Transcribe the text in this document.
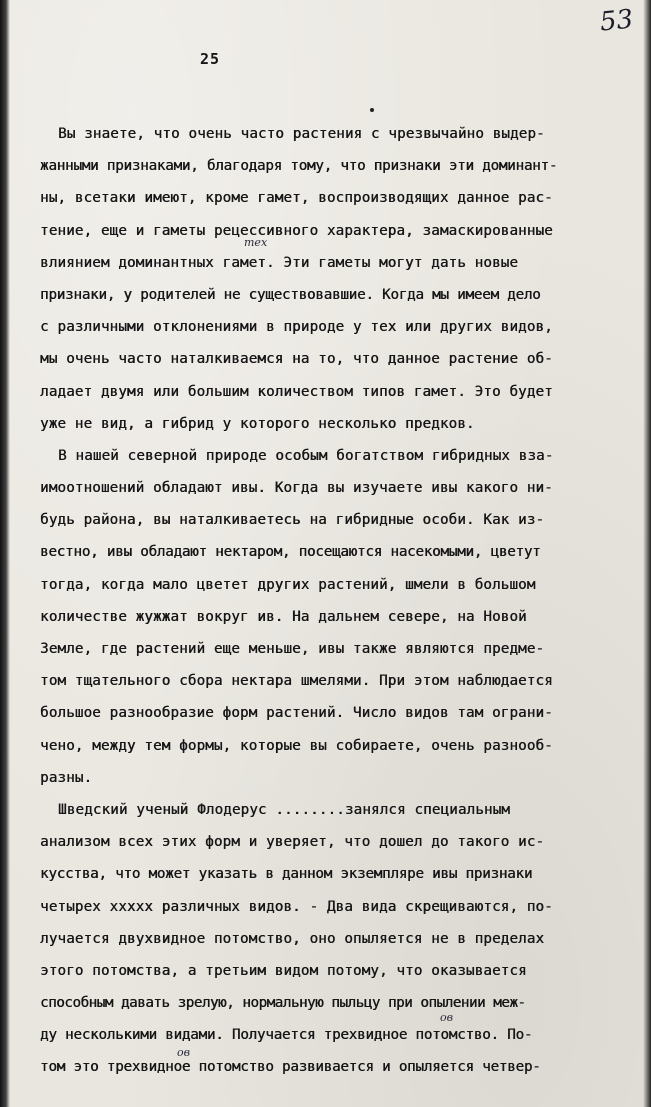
53
25
тех
ов
ов
Вы знаете, что очень часто растения с чрезвычайно выдер-
жанными признаками, благодаря тому, что признаки эти доминант-
ны, всетаки имеют, кроме гамет, воспроизводящих данное рас-
тение, еще и гаметы рецессивного характера, замаскированные
влиянием доминантных гамет. Эти гаметы могут дать новые
признаки, у родителей не существовавшие. Когда мы имеем дело
с различными отклонениями в природе у тех или других видов,
мы очень часто наталкиваемся на то, что данное растение об-
ладает двумя или большим количеством типов гамет. Это будет
уже не вид, а гибрид у которого несколько предков.
В нашей северной природе особым богатством гибридных вза-
имоотношений обладают ивы. Когда вы изучаете ивы какого ни-
будь района, вы наталкиваетесь на гибридные особи. Как из-
вестно, ивы обладают нектаром, посещаются насекомыми, цветут
тогда, когда мало цветет других растений, шмели в большом
количестве жужжат вокруг ив. На дальнем севере, на Новой
Земле, где растений еще меньше, ивы также являются предме-
том тщательного сбора нектара шмелями. При этом наблюдается
большое разнообразие форм растений. Число видов там ограни-
чено, между тем формы, которые вы собираете, очень разнооб-
разны.
Шведский ученый Флодерус ........занялся специальным
анализом всех этих форм и уверяет, что дошел до такого ис-
кусства, что может указать в данном экземпляре ивы признаки
четырех xxxxx различных видов. - Два вида скрещиваются, по-
лучается двухвидное потомство, оно опыляется не в пределах
этого потомства, а третьим видом потому, что оказывается
способным давать зрелую, нормальную пыльцу при опылении меж-
ду несколькими видами. Получается трехвидное потомство. По-
том это трехвидное потомство развивается и опыляется четвер-
